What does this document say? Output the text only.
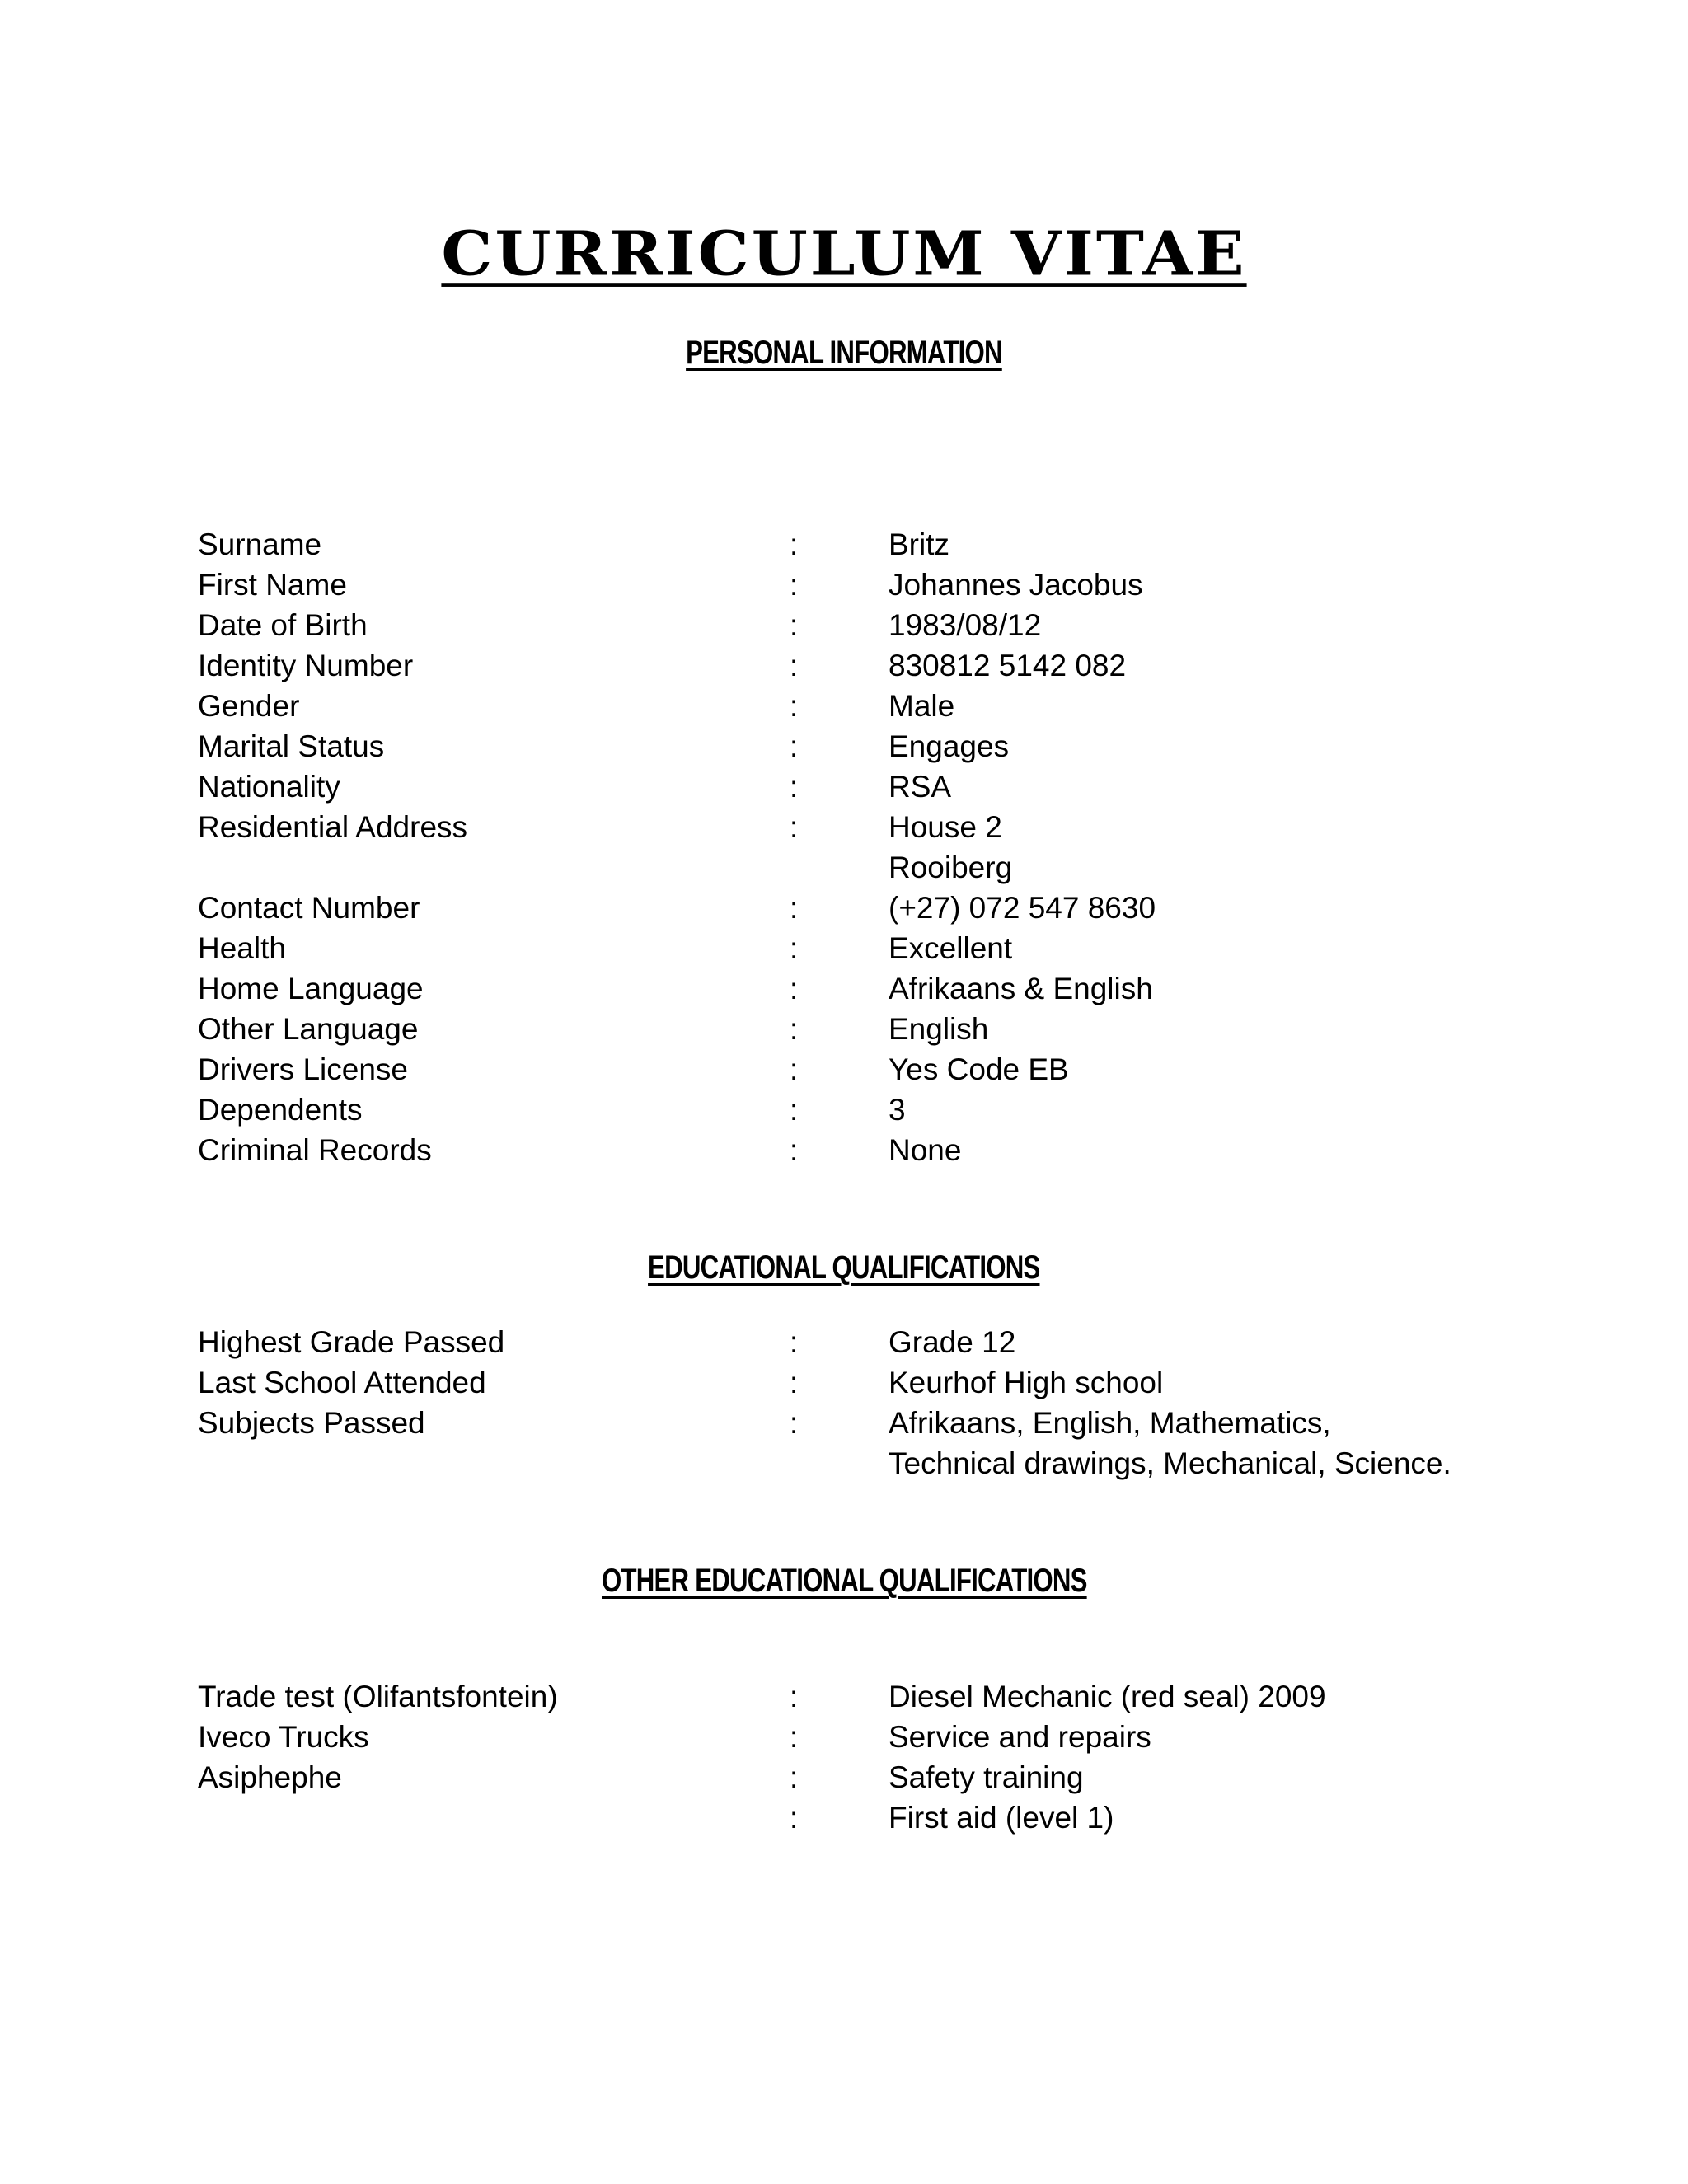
CURRICULUM VITAE
PERSONAL INFORMATION
Surname	:	Britz
First Name	:	Johannes Jacobus
Date of Birth	:	1983/08/12
Identity Number	:	830812 5142 082
Gender	:	Male
Marital Status	:	Engages
Nationality	:	RSA
Residential Address	:	House 2
Rooiberg
Contact Number	:	(+27) 072 547 8630
Health	:	Excellent
Home Language	:	Afrikaans & English
Other Language	:	English
Drivers License	:	Yes Code EB
Dependents	:	3
Criminal Records	:	None
EDUCATIONAL QUALIFICATIONS
Highest Grade Passed	:	Grade 12
Last School Attended	:	Keurhof High school
Subjects Passed	:	Afrikaans, English, Mathematics,
Technical drawings, Mechanical, Science.
OTHER EDUCATIONAL QUALIFICATIONS
Trade test (Olifantsfontein)	:	Diesel Mechanic (red seal) 2009
Iveco Trucks	:	Service and repairs
Asiphephe	:	Safety training
:	First aid (level 1)
